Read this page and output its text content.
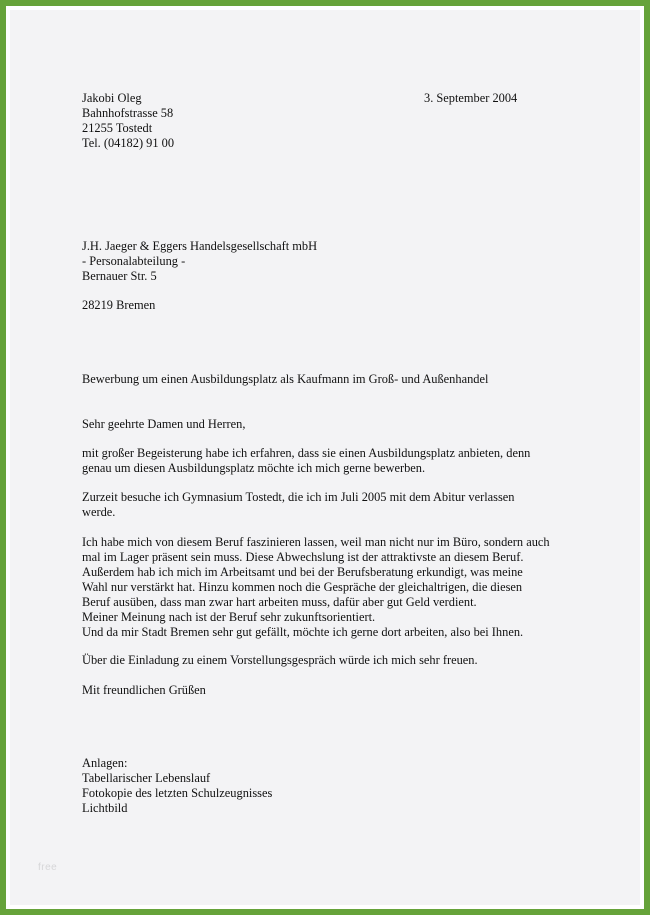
Jakobi Oleg
Bahnhofstrasse 58
21255 Tostedt
Tel. (04182) 91 00
3. September 2004
J.H. Jaeger & Eggers Handelsgesellschaft mbH
- Personalabteilung -
Bernauer Str. 5
28219 Bremen
Bewerbung um einen Ausbildungsplatz als Kaufmann im Groß- und Außenhandel
Sehr geehrte Damen und Herren,
mit großer Begeisterung habe ich erfahren, dass sie einen Ausbildungsplatz anbieten, denn
genau um diesen Ausbildungsplatz möchte ich mich gerne bewerben.
Zurzeit besuche ich Gymnasium Tostedt, die ich im Juli 2005 mit dem Abitur verlassen
werde.
Ich habe mich von diesem Beruf faszinieren lassen, weil man nicht nur im Büro, sondern auch
mal im Lager präsent sein muss. Diese Abwechslung ist der attraktivste an diesem Beruf.
Außerdem hab ich mich im Arbeitsamt und bei der Berufsberatung erkundigt, was meine
Wahl nur verstärkt hat. Hinzu kommen noch die Gespräche der gleichaltrigen, die diesen
Beruf ausüben, dass man zwar hart arbeiten muss, dafür aber gut Geld verdient.
Meiner Meinung nach ist der Beruf sehr zukunftsorientiert.
Und da mir Stadt Bremen sehr gut gefällt, möchte ich gerne dort arbeiten, also bei Ihnen.
Über die Einladung zu einem Vorstellungsgespräch würde ich mich sehr freuen.
Mit freundlichen Grüßen
Anlagen:
Tabellarischer Lebenslauf
Fotokopie des letzten Schulzeugnisses
Lichtbild
free
